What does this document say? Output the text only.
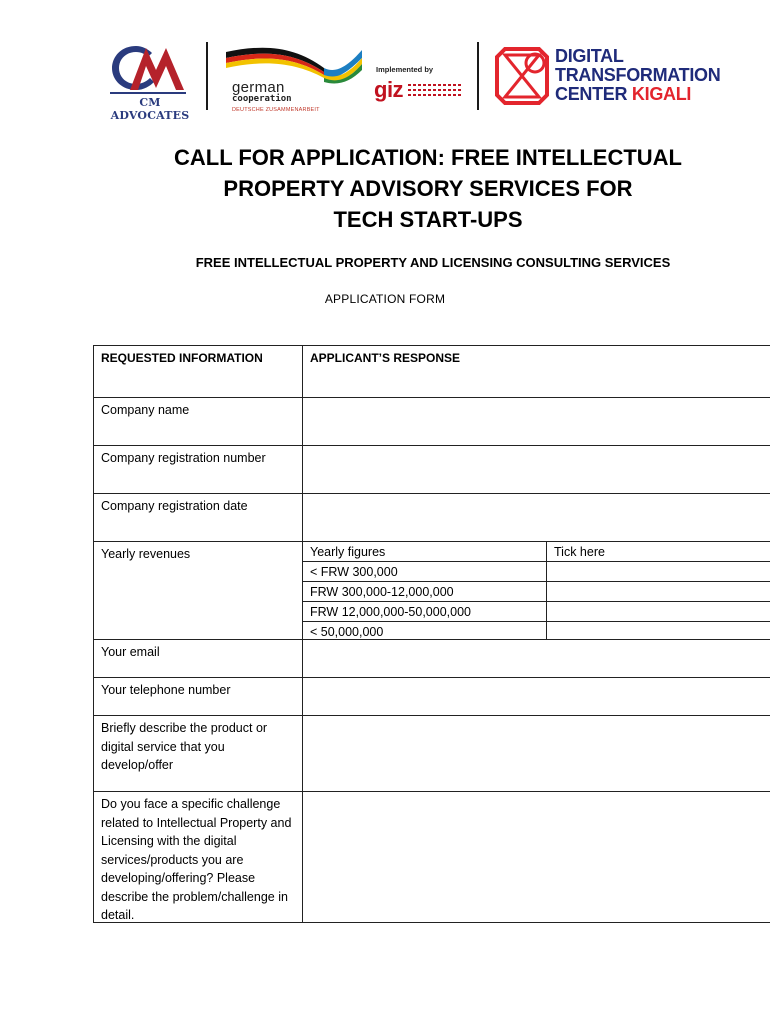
CM ADVOCATES
german
cooperation
DEUTSCHE ZUSAMMENARBEIT
Implemented by
giz
DIGITAL
TRANSFORMATION
CENTER KIGALI
CALL FOR APPLICATION: FREE INTELLECTUAL
PROPERTY ADVISORY SERVICES FOR
TECH START-UPS
FREE INTELLECTUAL PROPERTY AND LICENSING CONSULTING SERVICES
APPLICATION FORM
REQUESTED INFORMATION	APPLICANT’S RESPONSE
Company name
Company registration number
Company registration date
Yearly revenues	Yearly figures	Tick here
< FRW 300,000
FRW 300,000-12,000,000
FRW 12,000,000-50,000,000
< 50,000,000
Your email
Your telephone number
Briefly describe the product or digital service that you develop/offer
Do you face a specific challenge related to Intellectual Property and Licensing with the digital services/products you are developing/offering? Please describe the problem/challenge in detail.
